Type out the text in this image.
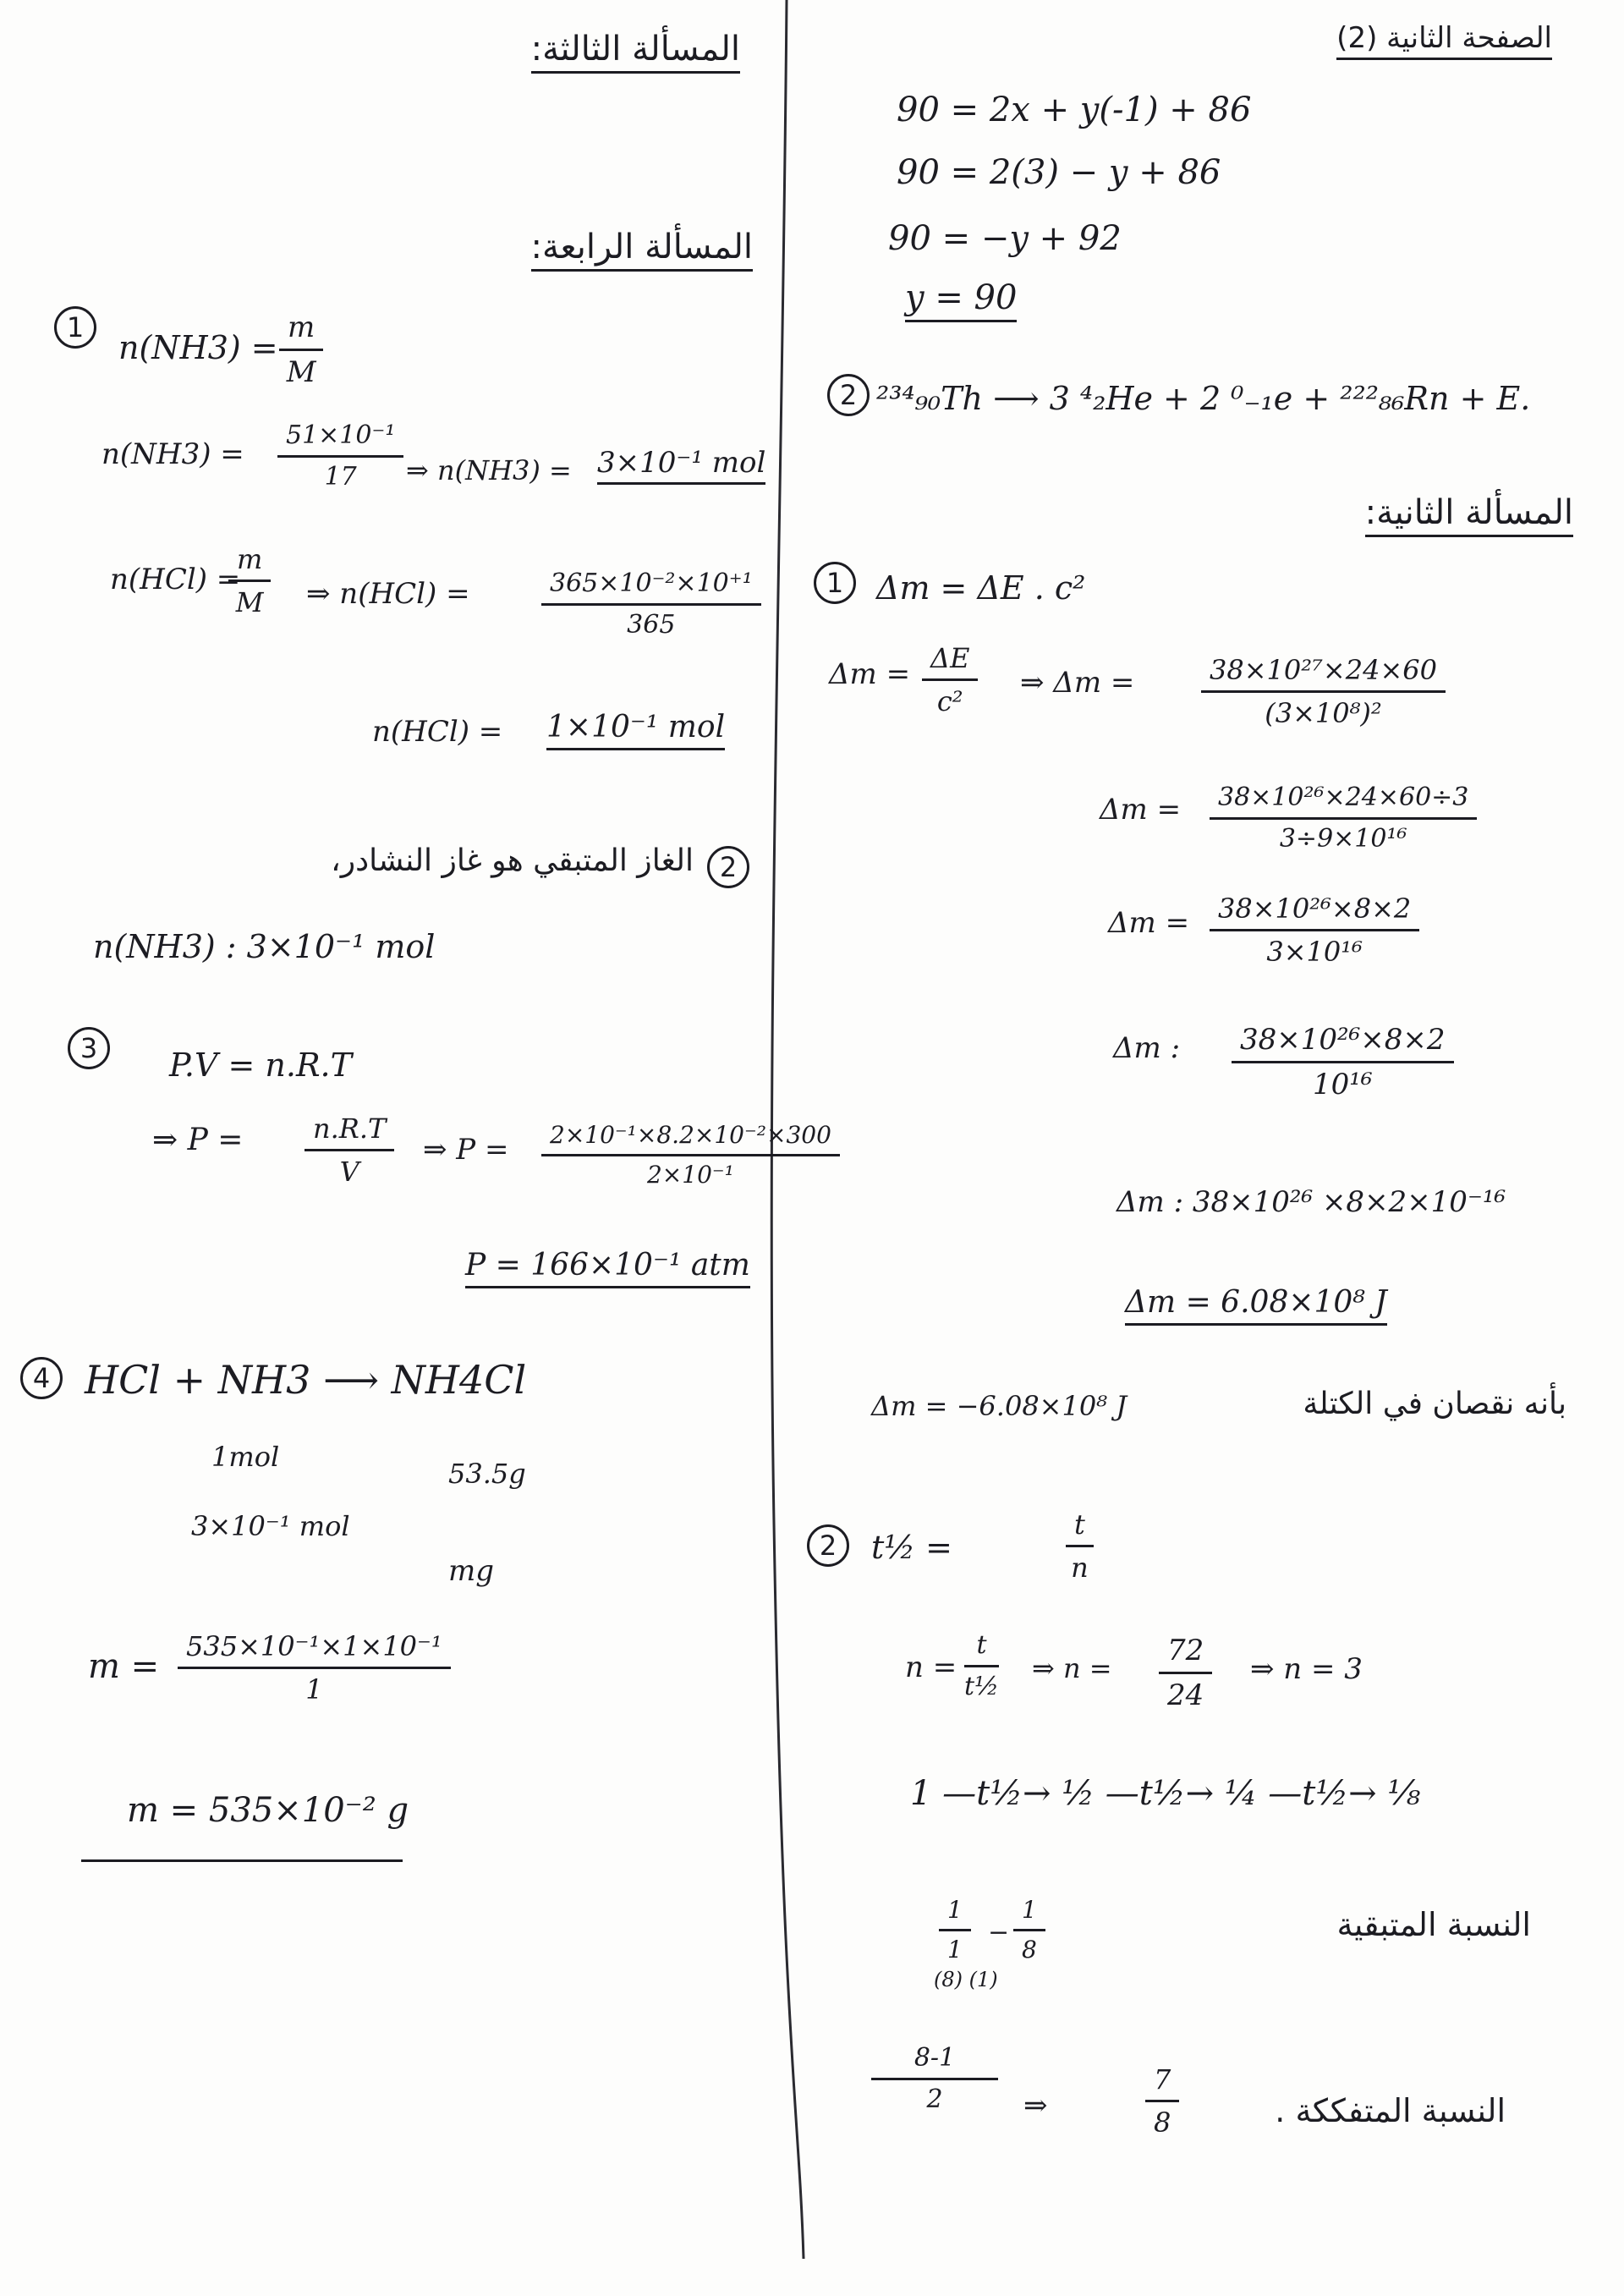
المسألة الثالثة:
المسألة الرابعة:
الصفحة الثانية (2)
المسألة الثانية:
1
n(NH3) =
m
M
n(NH3) =
51×10⁻¹
17 ⇒ n(NH3) = 3×10⁻¹ mol
n(HCl) =
m
M ⇒ n(HCl) =	365×10⁻²×10⁺¹
365
n(HCl) = 1×10⁻¹ mol
2
الغاز المتبقي هو غاز النشادر،
n(NH3) : 3×10⁻¹ mol
3	P.V = n.R.T
⇒ P =	n.R.T
V
⇒ P =	2×10⁻¹×8.2×10⁻²×300
2×10⁻¹
P = 166×10⁻¹ atm
4 HCl + NH3 ⟶ NH4Cl
1mol
53.5g
3×10⁻¹ mol
mg
m =
535×10⁻¹×1×10⁻¹
1
m = 535×10⁻² g
90 = 2x + y(-1) + 86
90 = 2(3) − y + 86
90 = −y + 92
y = 90
2 ²³⁴₉₀Th ⟶ 3 ⁴₂He + 2 ⁰₋₁e + ²²²₈₆Rn + E.
1	Δm = ΔE . c²
Δm = ΔE
c²
⇒ Δm =	38×10²⁷×24×60
(3×10⁸)²
Δm =	38×10²⁶×24×60÷3
3÷9×10¹⁶
Δm =	38×10²⁶×8×2
3×10¹⁶
Δm : 38×10²⁶×8×2
10¹⁶
Δm : 38×10²⁶ ×8×2×10⁻¹⁶
Δm = 6.08×10⁸ J
Δm = −6.08×10⁸ J	بأنه نقصان في الكتلة
2	t½ =
t
n
n =
t
t½
⇒ n =
72
24
⇒ n = 3
1 —t½→ ½ —t½→ ¼ —t½→ ⅛
1
1
−
1
8
(8) (1)
النسبة المتبقية
8-1
2	⇒
7
8	النسبة المتفككة .
